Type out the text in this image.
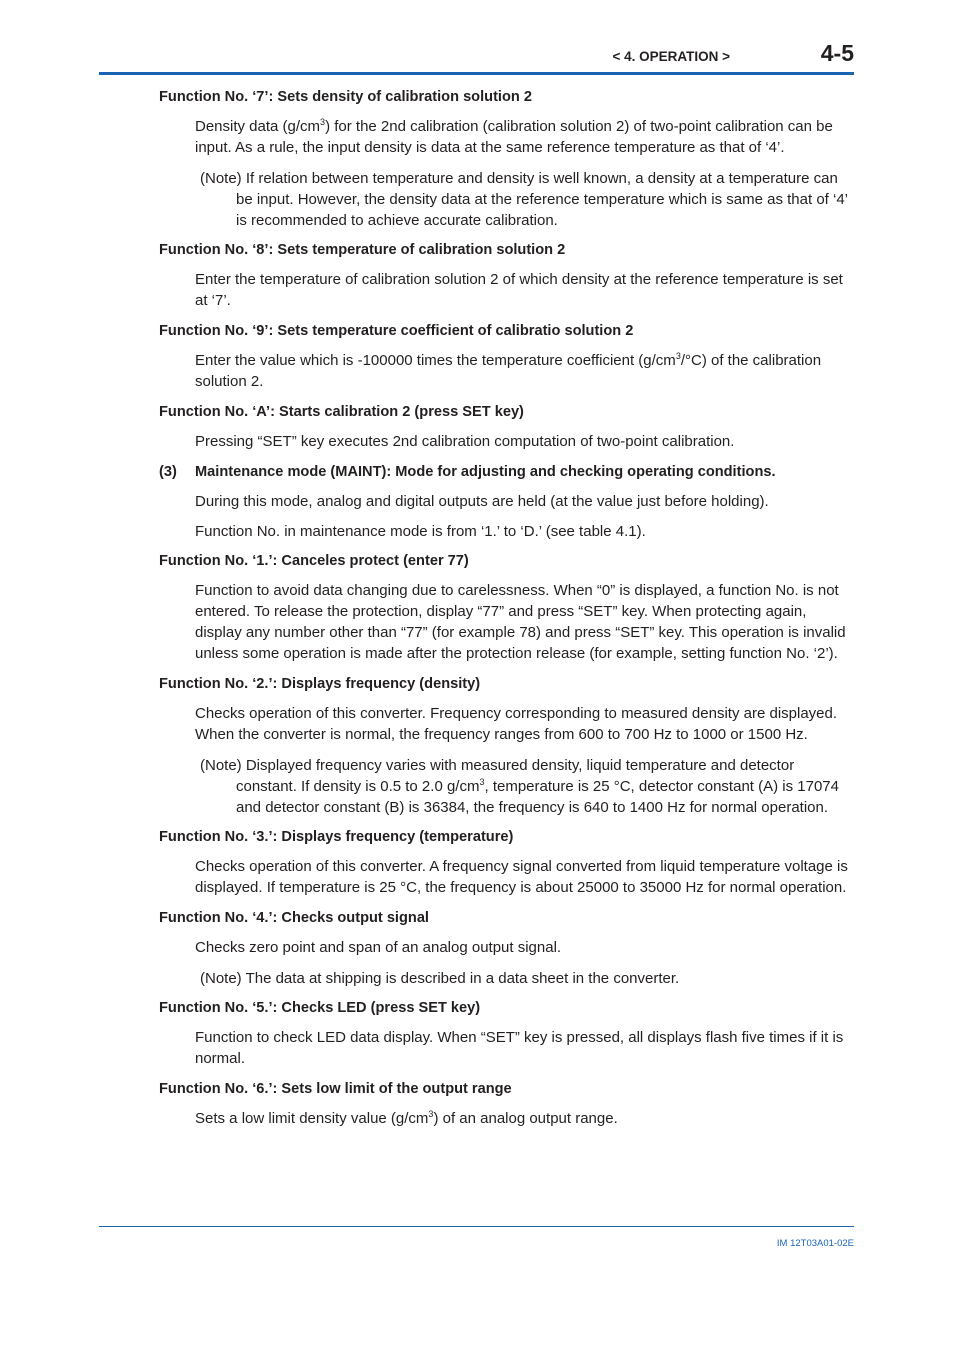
< 4. OPERATION >	4-5
Function No. ‘7’: Sets density of calibration solution 2

Density data $(g/cm^3)$ for the 2nd calibration (calibration solution 2) of two-point calibration can be input. As a rule, the input density is data at the same reference temperature as that of ‘4’.

(Note) If relation between temperature and density is well known, a density at a temperature can be input. However, the density data at the reference temperature which is same as that of ‘4’ is recommended to achieve accurate calibration.

Function No. ‘8’: Sets temperature of calibration solution 2

Enter the temperature of calibration solution 2 of which density at the reference temperature is set at ‘7’.

Function No. ‘9’: Sets temperature coefficient of calibratio solution 2

Enter the value which is -100000 times the temperature coefficient $(g/cm^3/^\circ C)$ of the calibration solution 2.

Function No. ‘A’: Starts calibration 2 (press SET key)

Pressing “SET” key executes 2nd calibration computation of two-point calibration.

(3) Maintenance mode (MAINT): Mode for adjusting and checking operating conditions.

During this mode, analog and digital outputs are held (at the value just before holding).

Function No. in maintenance mode is from ‘1.’ to ‘D.’ (see table 4.1).

Function No. ‘1.’: Canceles protect (enter 77)

Function to avoid data changing due to carelessness. When “0” is displayed, a function No. is not entered. To release the protection, display “77” and press “SET” key. When protecting again, display any number other than “77” (for example 78) and press “SET” key. This operation is invalid unless some operation is made after the protection release (for example, setting function No. ‘2’).

Function No. ‘2.’: Displays frequency (density)

Checks operation of this converter. Frequency corresponding to measured density are displayed. When the converter is normal, the frequency ranges from 600 to 700 Hz to 1000 or 1500 Hz.

(Note) Displayed frequency varies with measured density, liquid temperature and detector constant. If density is 0.5 to 2.0 $g/cm^3$, temperature is 25 °C, detector constant (A) is 17074 and detector constant (B) is 36384, the frequency is 640 to 1400 Hz for normal operation.

Function No. ‘3.’: Displays frequency (temperature)

Checks operation of this converter. A frequency signal converted from liquid temperature voltage is displayed. If temperature is 25 °C, the frequency is about 25000 to 35000 Hz for normal operation.

Function No. ‘4.’: Checks output signal

Checks zero point and span of an analog output signal.

(Note) The data at shipping is described in a data sheet in the converter.

Function No. ‘5.’: Checks LED (press SET key)

Function to check LED data display. When “SET” key is pressed, all displays flash five times if it is normal.

Function No. ‘6.’: Sets low limit of the output range

Sets a low limit density value $(g/cm^3)$ of an analog output range.

IM 12T03A01-02E
